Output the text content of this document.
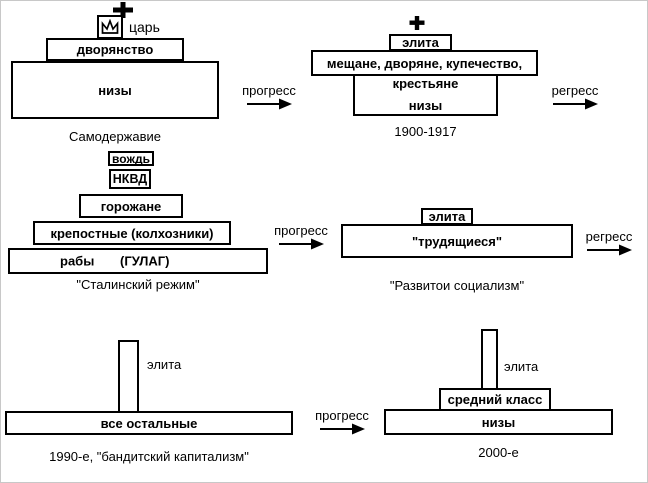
царь
дворянство
низы
Самодержавие
прогресс
элита
мещане, дворяне, купечество,
крестьяне
низы
1900-1917
регресс
вождь
НКВД
горожане
крепостные (колхозники)
рабы (ГУЛАГ)
"Сталинский режим"
прогресс
элита
"трудящиеся"
"Развитои социализм"
регресс
элита
все остальные
1990-е, "бандитский капитализм"
прогресс
элита
средний класс
низы
2000-е
